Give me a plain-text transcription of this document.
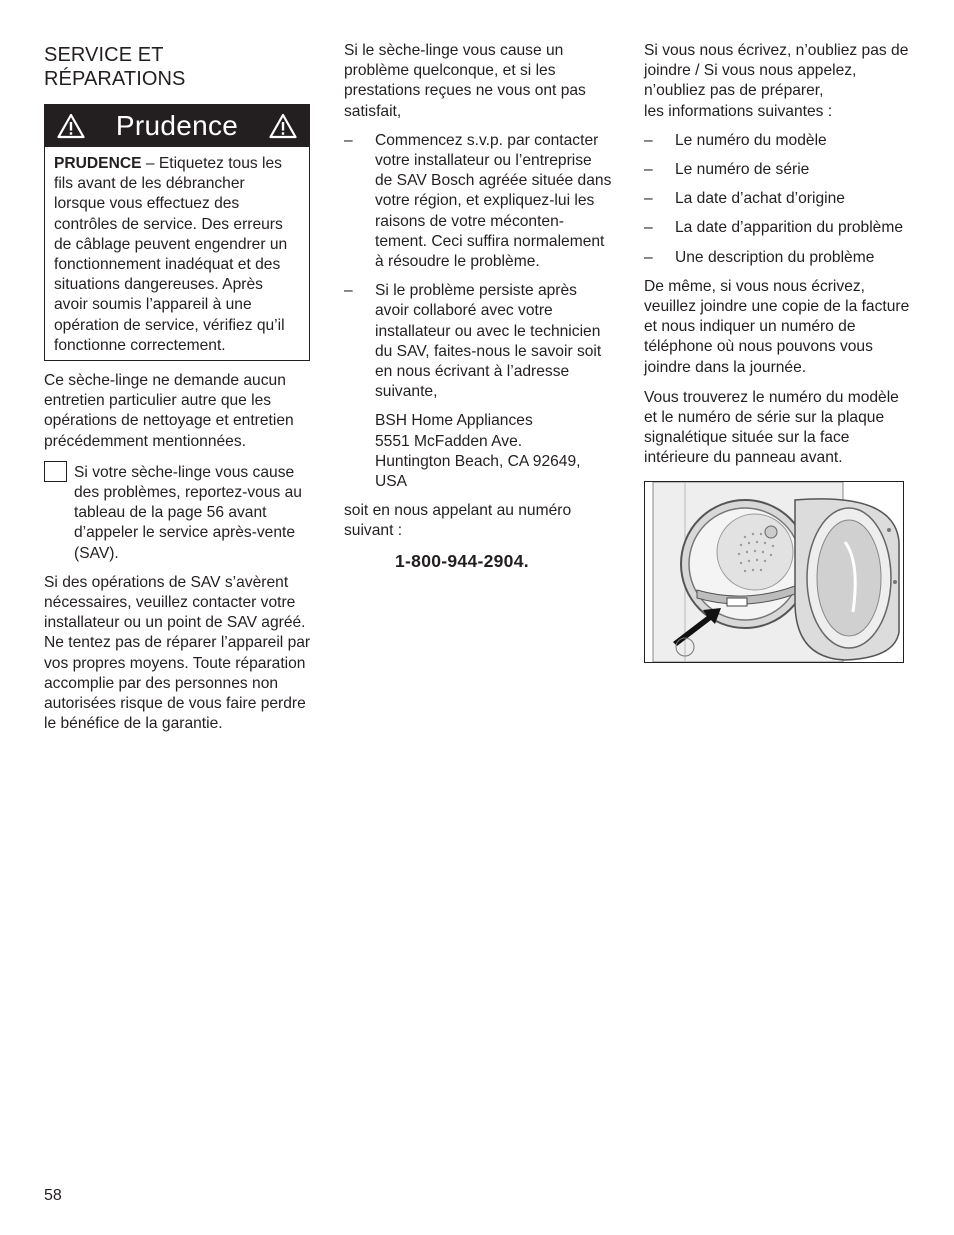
SERVICE ET
RÉPARATIONS
Prudence

PRUDENCE – Etiquetez tous les fils avant de les débrancher lorsque vous effectuez des contrôles de service. Des erreurs de câblage peuvent engendrer un fonctionnement inadéquat et des situations dangereuses. Après avoir soumis l’appareil à une opération de service, vérifiez qu’il fonctionne correctement.

Ce sèche-linge ne demande aucun entretien particulier autre que les opérations de nettoyage et entretien précédemment mentionnées.

Si votre sèche-linge vous cause des problèmes, reportez-vous au tableau de la page 56 avant d’appeler le service après-vente (SAV).

Si des opérations de SAV s’avèrent nécessaires, veuillez contacter votre installateur ou un point de SAV agréé. Ne tentez pas de réparer l’appareil par vos propres moyens. Toute réparation accomplie par des personnes non autorisées risque de vous faire perdre le bénéfice de la garantie.

Si le sèche-linge vous cause un problème quelconque, et si les prestations reçues ne vous ont pas satisfait,

–	Commencez s.v.p. par contacter votre installateur ou l’entreprise de SAV Bosch agréée située dans votre région, et expliquez-lui les raisons de votre méconten-tement. Ceci suffira normalement à résoudre le problème.
–	Si le problème persiste après avoir collaboré avec votre installateur ou avec le technicien du SAV, faites-nous le savoir soit en nous écrivant à l’adresse suivante,
BSH Home Appliances
5551 McFadden Ave.
Huntington Beach, CA 92649,
USA

soit en nous appelant au numéro suivant :

1-800-944-2904.

Si vous nous écrivez, n’oubliez pas de joindre / Si vous nous appelez, n’oubliez pas de préparer,
les informations suivantes :

–	Le numéro du modèle
–	Le numéro de série
–	La date d’achat d’origine
–	La date d’apparition du problème
–	Une description du problème

De même, si vous nous écrivez, veuillez joindre une copie de la facture et nous indiquer un numéro de téléphone où nous pouvons vous joindre dans la journée.

Vous trouverez le numéro du modèle et le numéro de série sur la plaque signalétique située sur la face intérieure du panneau avant.

58
